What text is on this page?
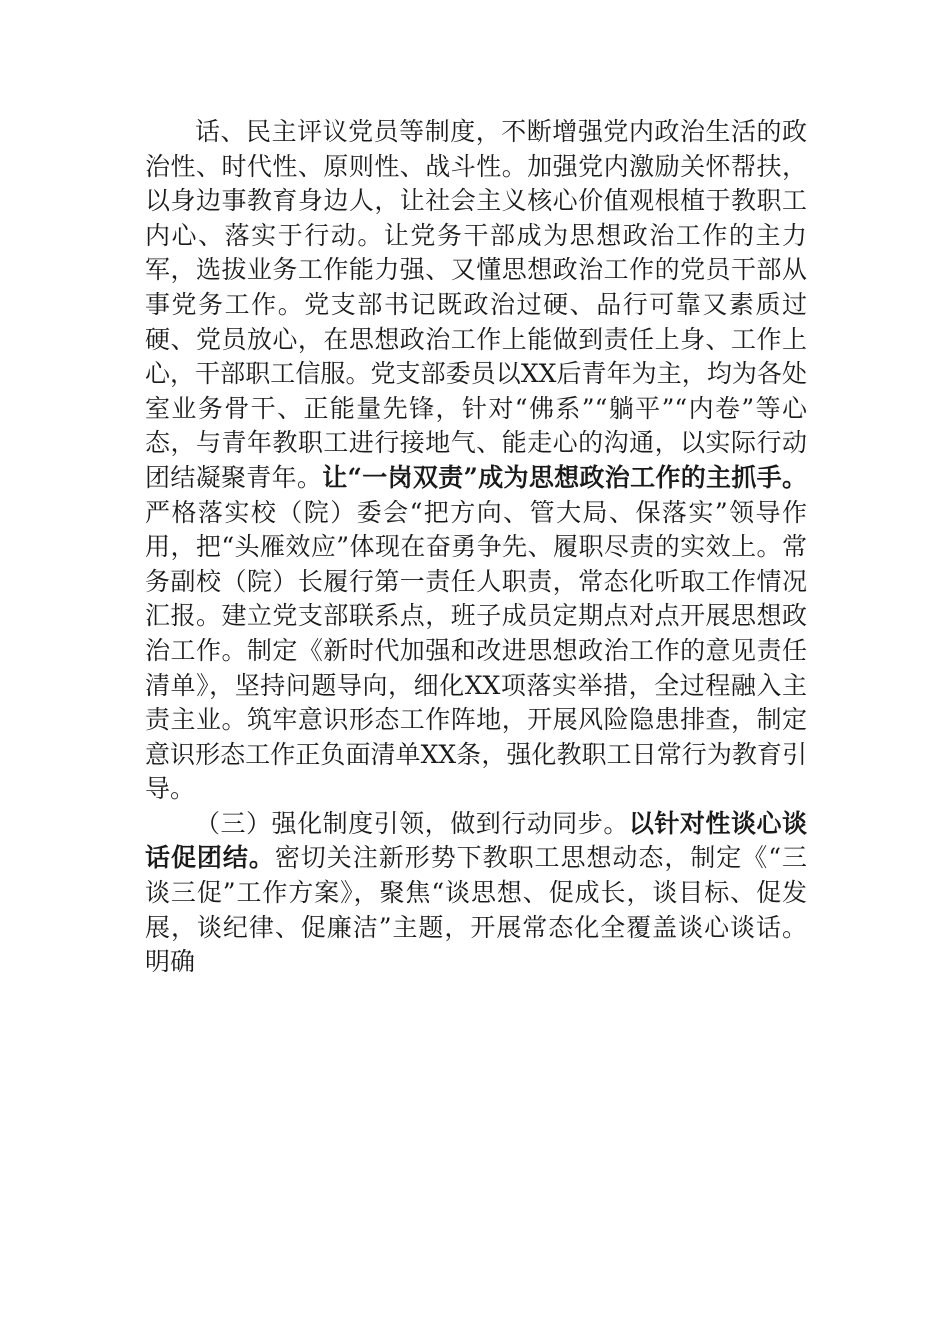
话、民主评议党员等制度，不断增强党内政治生活的政治性、时代性、原则性、战斗性。加强党内激励关怀帮扶，以身边事教育身边人，让社会主义核心价值观根植于教职工内心、落实于行动。让党务干部成为思想政治工作的主力军，选拔业务工作能力强、又懂思想政治工作的党员干部从事党务工作。党支部书记既政治过硬、品行可靠又素质过硬、党员放心，在思想政治工作上能做到责任上身、工作上心，干部职工信服。党支部委员以XX后青年为主，均为各处室业务骨干、正能量先锋，针对“佛系”“躺平”“内卷”等心态，与青年教职工进行接地气、能走心的沟通，以实际行动团结凝聚青年。让“一岗双责”成为思想政治工作的主抓手。严格落实校（院）委会“把方向、管大局、保落实”领导作用，把“头雁效应”体现在奋勇争先、履职尽责的实效上。常务副校（院）长履行第一责任人职责，常态化听取工作情况汇报。建立党支部联系点，班子成员定期点对点开展思想政治工作。制定《新时代加强和改进思想政治工作的意见责任清单》，坚持问题导向，细化XX项落实举措，全过程融入主责主业。筑牢意识形态工作阵地，开展风险隐患排查，制定意识形态工作正负面清单XX条，强化教职工日常行为教育引导。

（三）强化制度引领，做到行动同步。以针对性谈心谈话促团结。密切关注新形势下教职工思想动态，制定《“三谈三促”工作方案》，聚焦“谈思想、促成长，谈目标、促发展，谈纪律、促廉洁”主题，开展常态化全覆盖谈心谈话。明确
